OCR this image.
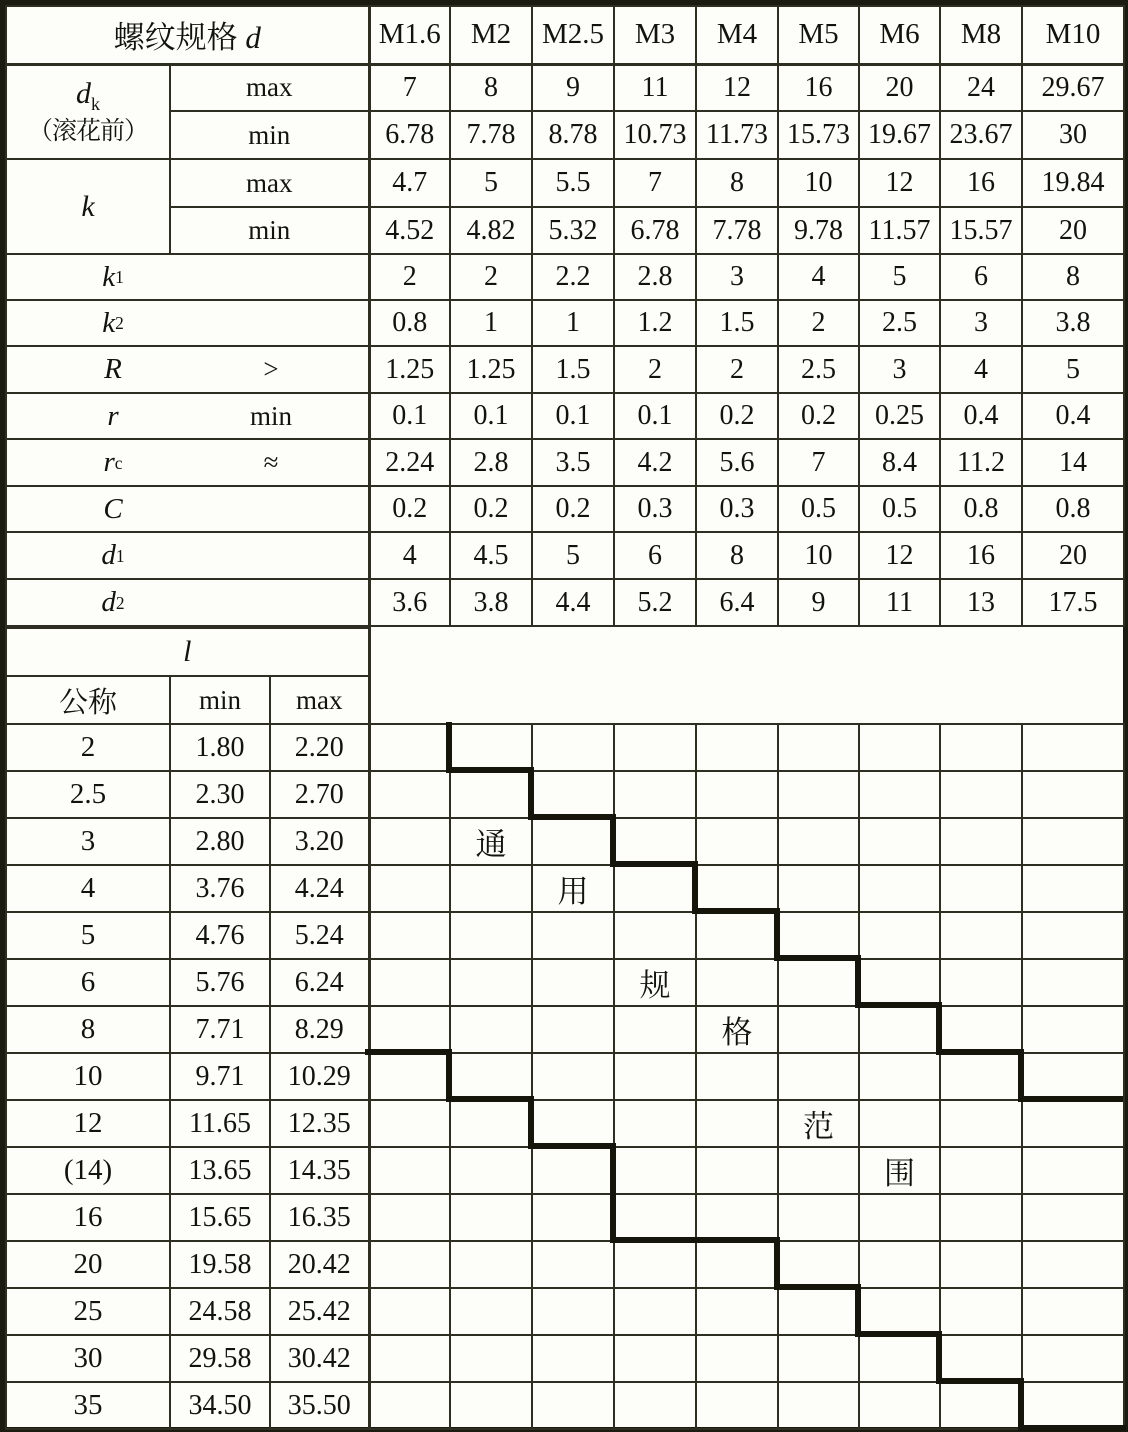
螺纹规格 d		M1.6	M2	M2.5	M3	M4	M5	M6	M8	M10
$d_k$
（滚花前）	max	7	8	9	11	12	16	20	24	29.67
	min	6.78	7.78	8.78	10.73	11.73	15.73	19.67	23.67	30
k	max	4.7	5	5.5	7	8	10	12	16	19.84
	min	4.52	4.82	5.32	6.78	7.78	9.78	11.57	15.57	20

k 1		2	2	2.2	2.8	3	4	5	6	8

k 2		0.8	1	1	1.2	1.5	2	2.5	3	3.8

R >		1.25	1.25	1.5	2	2	2.5	3	4	5

r min		0.1	0.1	0.1	0.1	0.2	0.2	0.25	0.4	0.4

r c ≈		2.24	2.8	3.5	4.2	5.6	7	8.4	11.2	14

C		0.2	0.2	0.2	0.3	0.3	0.5	0.5	0.8	0.8

d 1		4	4.5	5	6	8	10	12	16	20

d 2		3.6	3.8	4.4	5.2	6.4	9	11	13	17.5
l											
公称	min	max									
2	1.80	2.20									
2.5	2.30	2.70									
3	2.80	3.20		通							
4	3.76	4.24			用						
5	4.76	5.24									
6	5.76	6.24				规					
8	7.71	8.29					格				
10	9.71	10.29									
12	11.65	12.35						范			
(14)	13.65	14.35							围		
16	15.65	16.35									
20	19.58	20.42									
25	24.58	25.42									
30	29.58	30.42									
35	34.50	35.50									
